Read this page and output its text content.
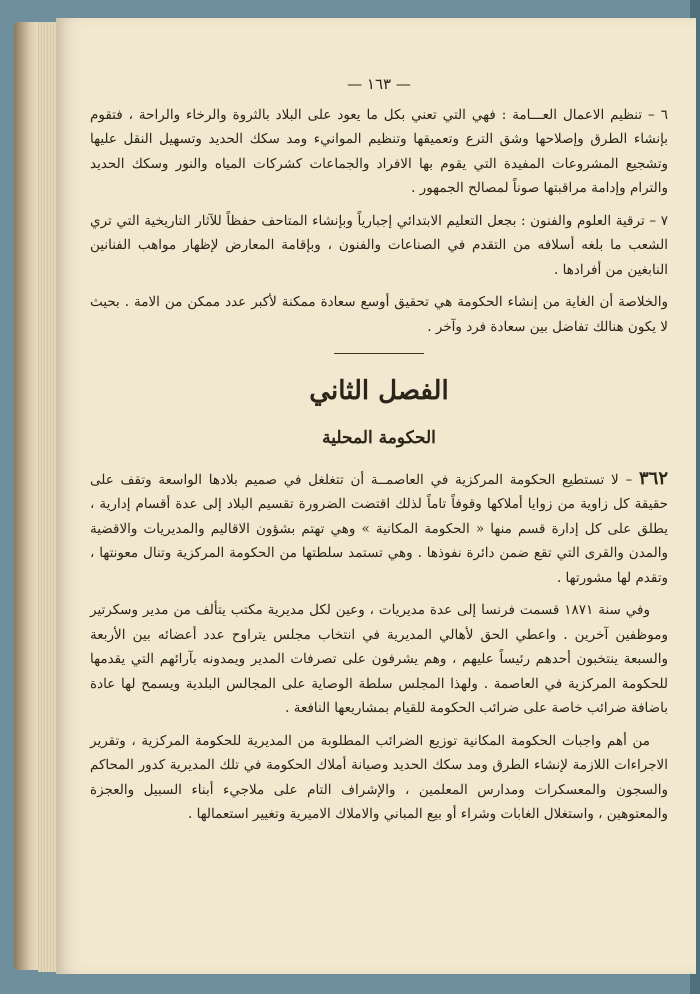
— ١٦٣ —

٦ – تنظيم الاعمال العـــامة : فهي التي تعني بكل ما يعود على البلاد بالثروة والرخاء والراحة ، فتقوم بإنشاء الطرق وإصلاحها وشق الترع وتعميقها وتنظيم الموانيء ومد سكك الحديد وتسهيل النقل عليها وتشجيع المشروعات المفيدة التي يقوم بها الافراد والجماعات كشركات المياه والنور وسكك الحديد والترام وإدامة مراقبتها صوناً لمصالح الجمهور .

٧ – ترقية العلوم والفنون : بجعل التعليم الابتدائي إجبارياً وبإنشاء المتاحف حفظاً للآثار التاريخية التي تري الشعب ما بلغه أسلافه من التقدم في الصناعات والفنون ، وبإقامة المعارض لإظهار مواهب الفنانين النابغين من أفرادها .

والخلاصة أن الغاية من إنشاء الحكومة هي تحقيق أوسع سعادة ممكنة لأكبر عدد ممكن من الامة . بحيث لا يكون هنالك تفاضل بين سعادة فرد وآخر .

الفصل الثاني
الحكومة المحلية

٣٦٢ – لا تستطيع الحكومة المركزية في العاصمــة أن تتغلغل في صميم بلادها الواسعة وتقف على حقيقة كل زاوية من زوايا أملاكها وقوفاً تاماً لذلك اقتضت الضرورة تقسيم البلاد إلى عدة أقسام إدارية ، يطلق على كل إدارة قسم منها « الحكومة المكانية » وهي تهتم بشؤون الاقاليم والمديريات والاقضية والمدن والقرى التي تقع ضمن دائرة نفوذها . وهي تستمد سلطتها من الحكومة المركزية وتنال معونتها ، وتقدم لها مشورتها .

وفي سنة ١٨٧١ قسمت فرنسا إلى عدة مديريات ، وعين لكل مديرية مكتب يتألف من مدير وسكرتير وموظفين آخرين . واعطي الحق لأهالي المديرية في انتخاب مجلس يتراوح عدد أعضائه بين الأربعة والسبعة ينتخبون أحدهم رئيساً عليهم ، وهم يشرفون على تصرفات المدير ويمدونه بآرائهم التي يقدمها للحكومة المركزية في العاصمة . ولهذا المجلس سلطة الوصاية على المجالس البلدية ويسمح لها عادة باضافة ضرائب خاصة على ضرائب الحكومة للقيام بمشاريعها النافعة .

من أهم واجبات الحكومة المكانية توزيع الضرائب المطلوبة من المديرية للحكومة المركزية ، وتقرير الاجراءات اللازمة لإنشاء الطرق ومد سكك الحديد وصيانة أملاك الحكومة في تلك المديرية كدور المحاكم والسجون والمعسكرات ومدارس المعلمين ، والإشراف التام على ملاجيء أبناء السبيل والعجزة والمعتوهين ، واستغلال الغابات وشراء أو بيع المباني والاملاك الاميرية وتغيير استعمالها .
